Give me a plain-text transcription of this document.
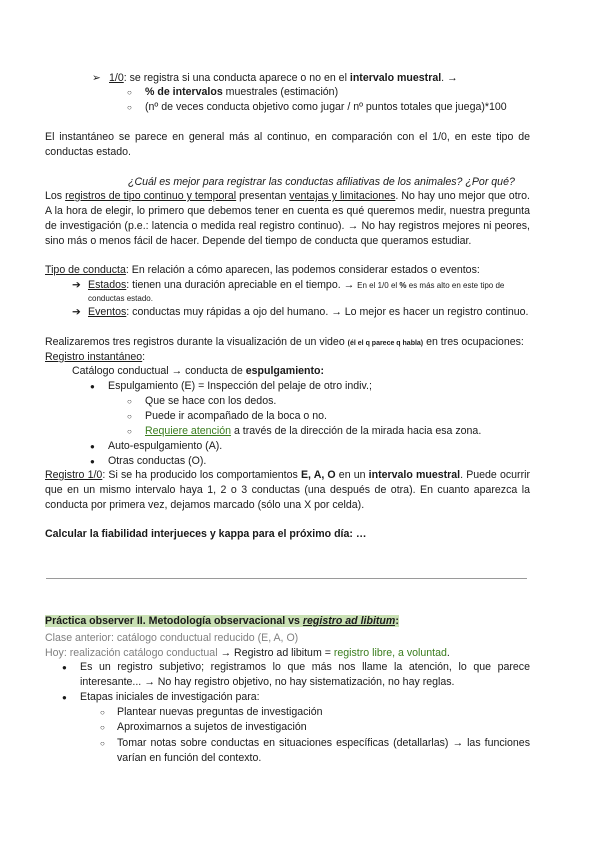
➢ 1/0: se registra si una conducta aparece o no en el intervalo muestral. →
○ % de intervalos muestrales (estimación)
○ (nº de veces conducta objetivo como jugar / nº puntos totales que juega)*100
El instantáneo se parece en general más al continuo, en comparación con el 1/0, en este tipo de conductas estado.
¿Cuál es mejor para registrar las conductas afiliativas de los animales? ¿Por qué?
Los registros de tipo continuo y temporal presentan ventajas y limitaciones. No hay uno mejor que otro. A la hora de elegir, lo primero que debemos tener en cuenta es qué queremos medir, nuestra pregunta de investigación (p.e.: latencia o medida real registro continuo). → No hay registros mejores ni peores, sino más o menos fácil de hacer. Depende del tiempo de conducta que queramos estudiar.
Tipo de conducta: En relación a cómo aparecen, las podemos considerar estados o eventos:
➔ Estados: tienen una duración apreciable en el tiempo. → En el 1/0 el % es más alto en este tipo de
conductas estado.
➔ Eventos: conductas muy rápidas a ojo del humano. → Lo mejor es hacer un registro continuo.
Realizaremos tres registros durante la visualización de un video (él el q parece q habla) en tres ocupaciones:
Registro instantáneo:
Catálogo conductual → conducta de espulgamiento:
● Espulgamiento (E) = Inspección del pelaje de otro indiv.;
○ Que se hace con los dedos.
○ Puede ir acompañado de la boca o no.
○ Requiere atención a través de la dirección de la mirada hacia esa zona.
● Auto-espulgamiento (A).
● Otras conductas (O).
Registro 1/0: Si se ha producido los comportamientos E, A, O en un intervalo muestral. Puede ocurrir que en un mismo intervalo haya 1, 2 o 3 conductas (una después de otra). En cuanto aparezca la conducta por primera vez, dejamos marcado (sólo una X por celda).
Calcular la fiabilidad interjueces y kappa para el próximo día: …
Práctica observer II. Metodología observacional vs registro ad libitum:
Clase anterior: catálogo conductual reducido (E, A, O)
Hoy: realización catálogo conductual → Registro ad libitum = registro libre, a voluntad.
● Es un registro subjetivo; registramos lo que más nos llame la atención, lo que parece
interesante... → No hay registro objetivo, no hay sistematización, no hay reglas.
● Etapas iniciales de investigación para:
○ Plantear nuevas preguntas de investigación
○ Aproximarnos a sujetos de investigación
○ Tomar notas sobre conductas en situaciones específicas (detallarlas) → las funciones
varían en función del contexto.
